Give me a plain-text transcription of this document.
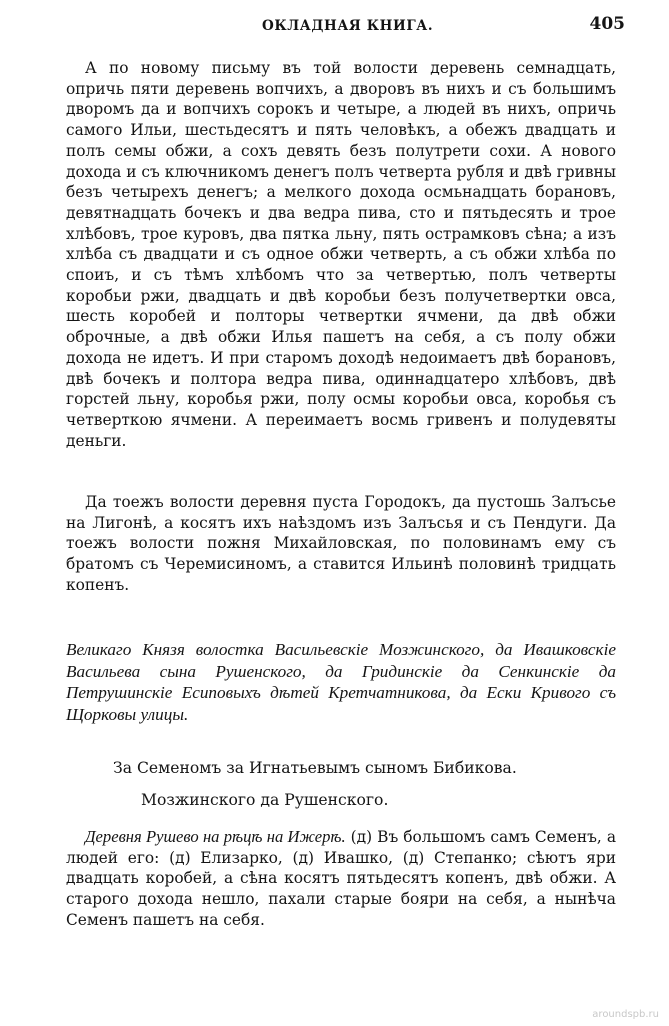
ОКЛАДНАЯ КНИГА.	405

А по новому письму въ той волости деревень семнадцать, опричь пяти деревень вопчихъ, а дворовъ въ нихъ и съ большимъ дворомъ да и вопчихъ сорокъ и четыре, а людей въ нихъ, опричь самого Ильи, шестьдесятъ и пять человѣкъ, а обежъ двадцать и полъ семы обжи, а сохъ девять безъ полутрети сохи. А нового дохода и съ ключникомъ денегъ полъ четверта рубля и двѣ гривны безъ четырехъ денегъ; а мелкого дохода осмьнадцать борановъ, девятнадцать бочекъ и два ведра пива, сто и пятьдесять и трое хлѣбовъ, трое куровъ, два пятка льну, пять острамковъ сѣна; а изъ хлѣба съ двадцати и съ одное обжи четверть, а съ обжи хлѣба по споиъ, и съ тѣмъ хлѣбомъ что за четвертью, полъ четверты коробьи ржи, двадцать и двѣ коробьи безъ получетвертки овса, шесть коробей и полторы четвертки ячмени, да двѣ обжи оброчные, а двѣ обжи Илья пашетъ на себя, а съ полу обжи дохода не идетъ. И при старомъ доходѣ недоимаетъ двѣ борановъ, двѣ бочекъ и полтора ведра пива, одиннадцатеро хлѣбовъ, двѣ горстей льну, коробья ржи, полу осмы коробьи овса, коробья съ четверткою ячмени. А переимаетъ восмь гривенъ и полудевяты деньги.

Да тоежъ волости деревня пуста Городокъ, да пустошь Залъсье на Лигонѣ, а косятъ ихъ наѣздомъ изъ Залъсья и съ Пендуги. Да тоежъ волости пожня Михайловская, по половинамъ ему съ братомъ съ Черемисиномъ, а ставится Ильинѣ половинѣ тридцать копенъ.

Великаго Князя волостка Васильевскіе Мозжинского, да Ивашковскіе Васильева сына Рушенского, да Гридинскіе да Сенкинскіе да Петрушинскіе Есиповыхъ дѣтей Кретчатникова, да Ески Кривого съ Щорковы улицы.

За Семеномъ за Игнатьевымъ сыномъ Бибикова.
Мозжинского да Рушенского.

Деревня Рушево на рѣцѣ на Ижерѣ. (д) Въ большомъ самъ Семенъ, а людей его: (д) Елизарко, (д) Ивашко, (д) Степанко; сѣютъ яри двадцать коробей, а сѣна косятъ пятьдесятъ копенъ, двѣ обжи. А старого дохода нешло, пахали старые бояри на себя, а нынѣча Семенъ пашетъ на себя.

aroundspb.ru
